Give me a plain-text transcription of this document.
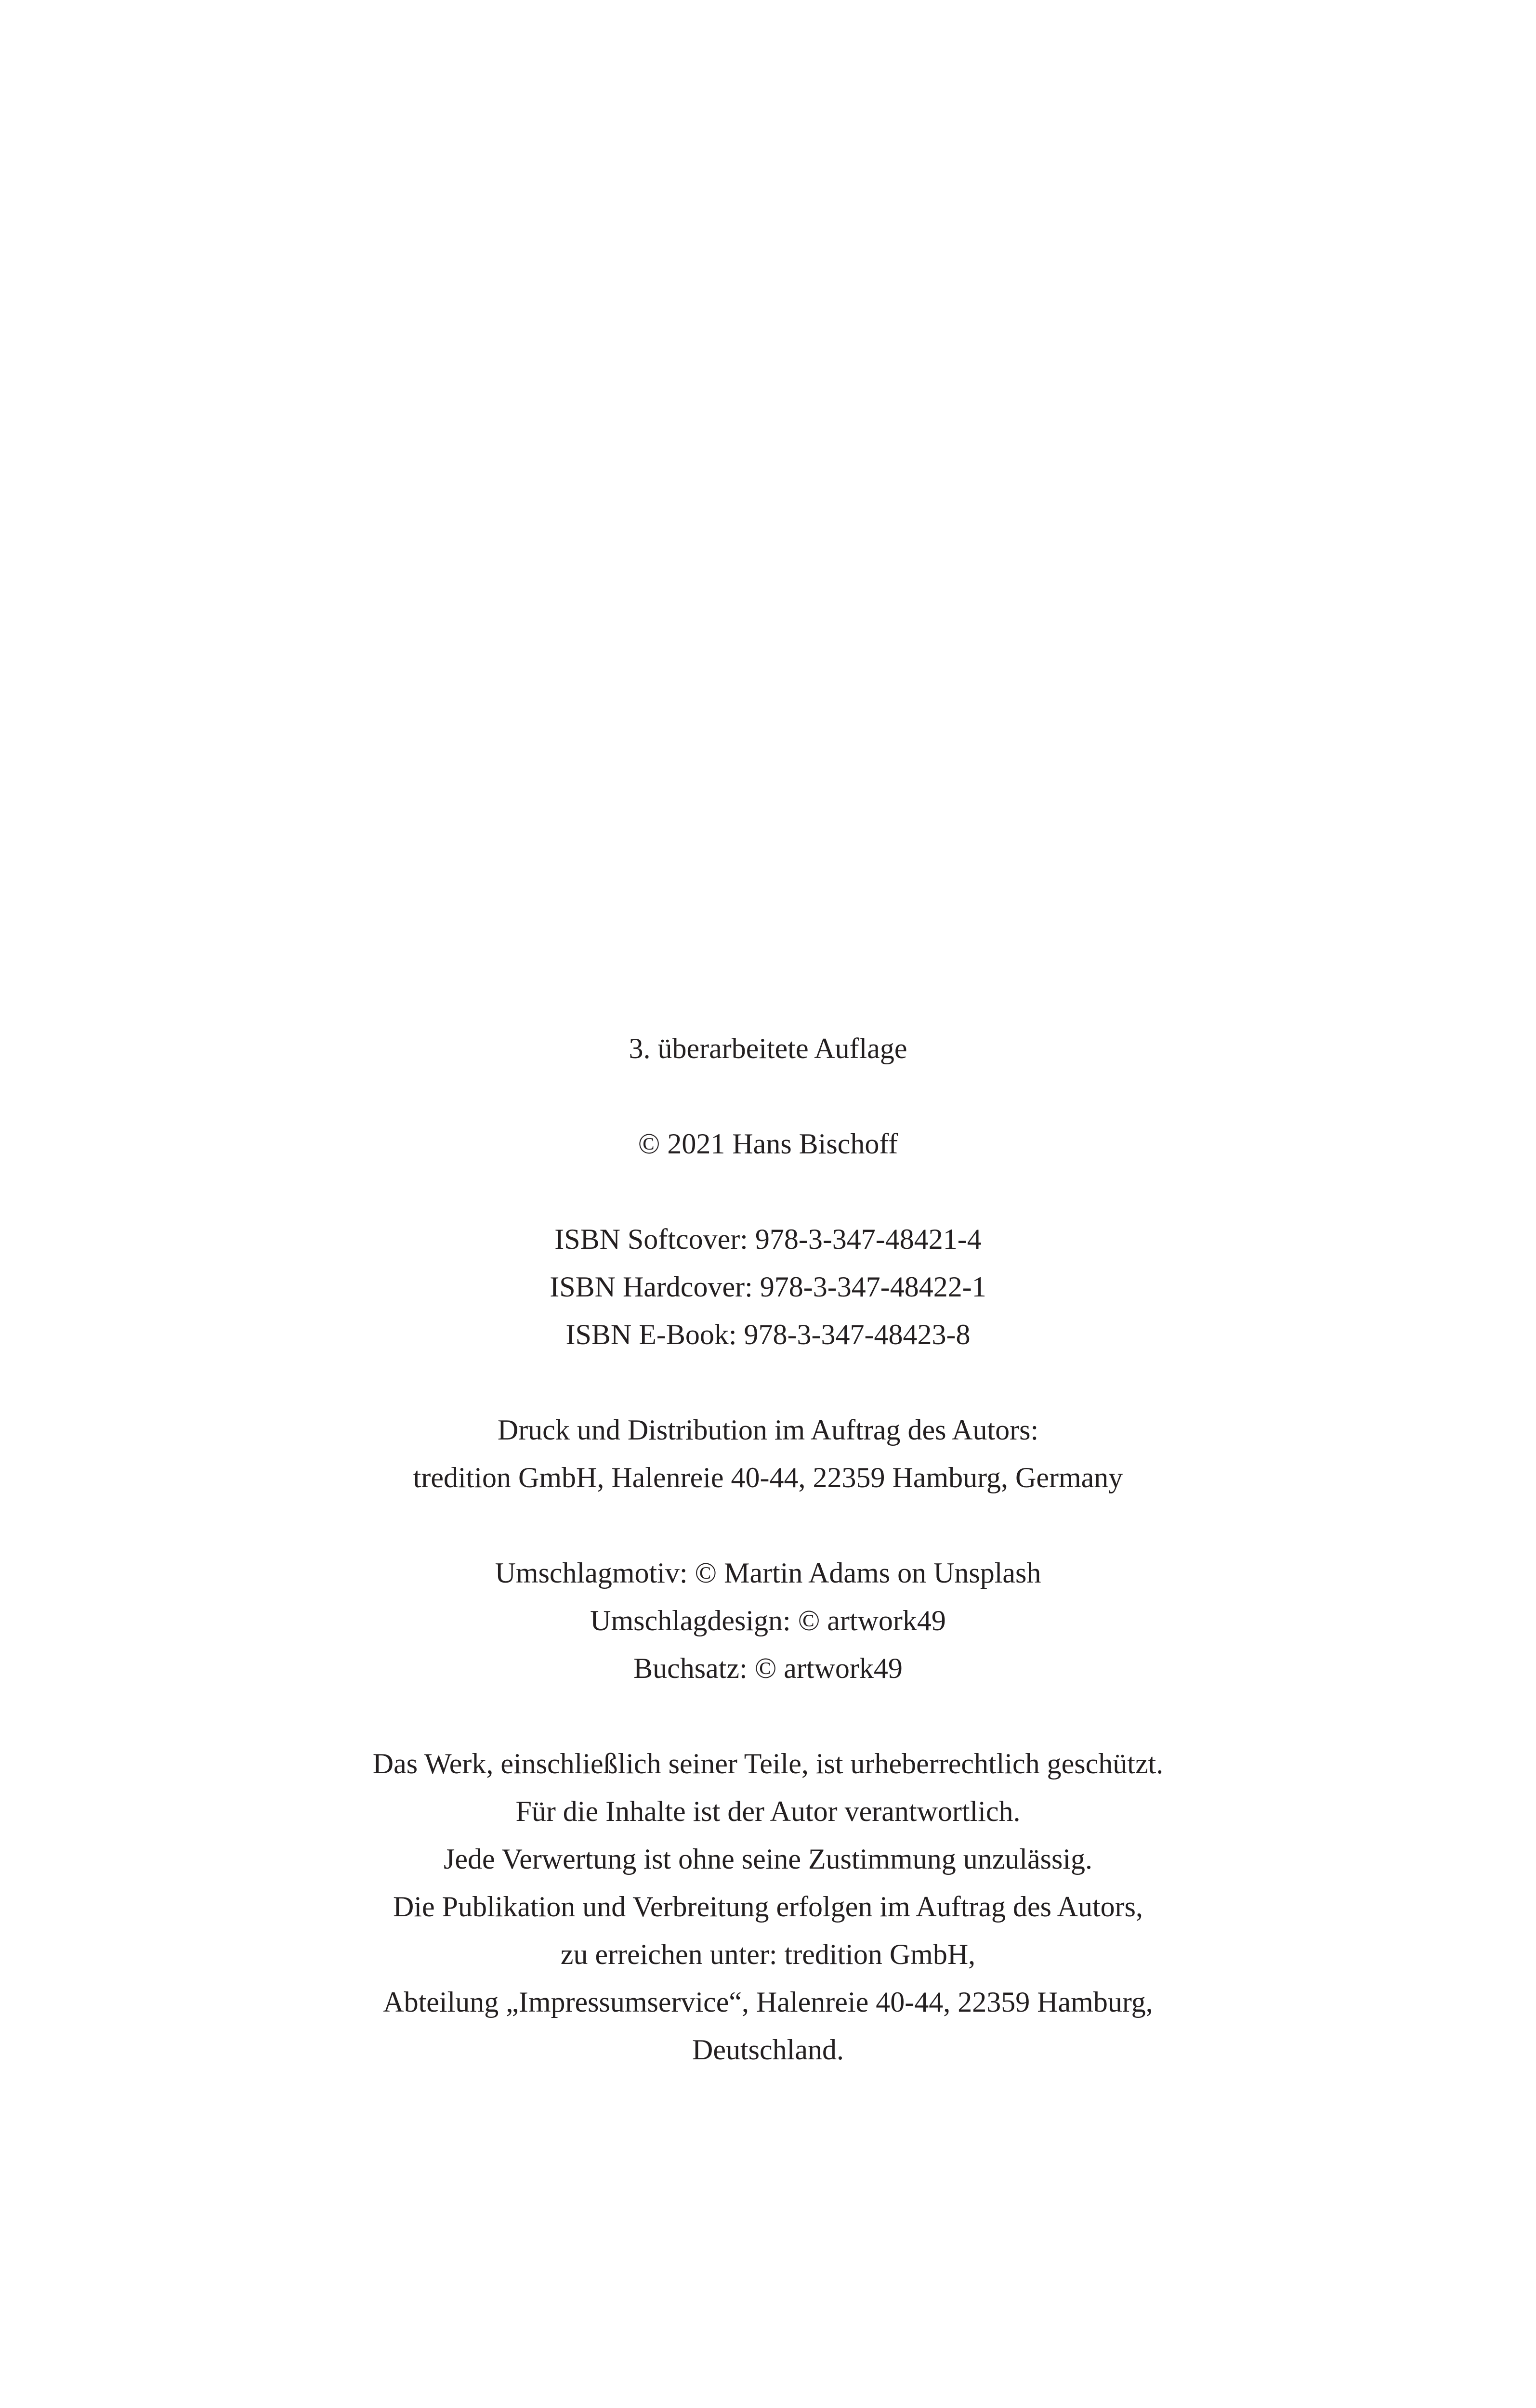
3. überarbeitete Auflage
© 2021 Hans Bischoff
ISBN Softcover: 978-3-347-48421-4
ISBN Hardcover: 978-3-347-48422-1
ISBN E-Book: 978-3-347-48423-8
Druck und Distribution im Auftrag des Autors:
tredition GmbH, Halenreie 40-44, 22359 Hamburg, Germany
Umschlagmotiv: © Martin Adams on Unsplash
Umschlagdesign: © artwork49
Buchsatz: © artwork49
Das Werk, einschließlich seiner Teile, ist urheberrechtlich geschützt.
Für die Inhalte ist der Autor verantwortlich.
Jede Verwertung ist ohne seine Zustimmung unzulässig.
Die Publikation und Verbreitung erfolgen im Auftrag des Autors,
zu erreichen unter: tredition GmbH,
Abteilung „Impressumservice“, Halenreie 40-44, 22359 Hamburg,
Deutschland.
